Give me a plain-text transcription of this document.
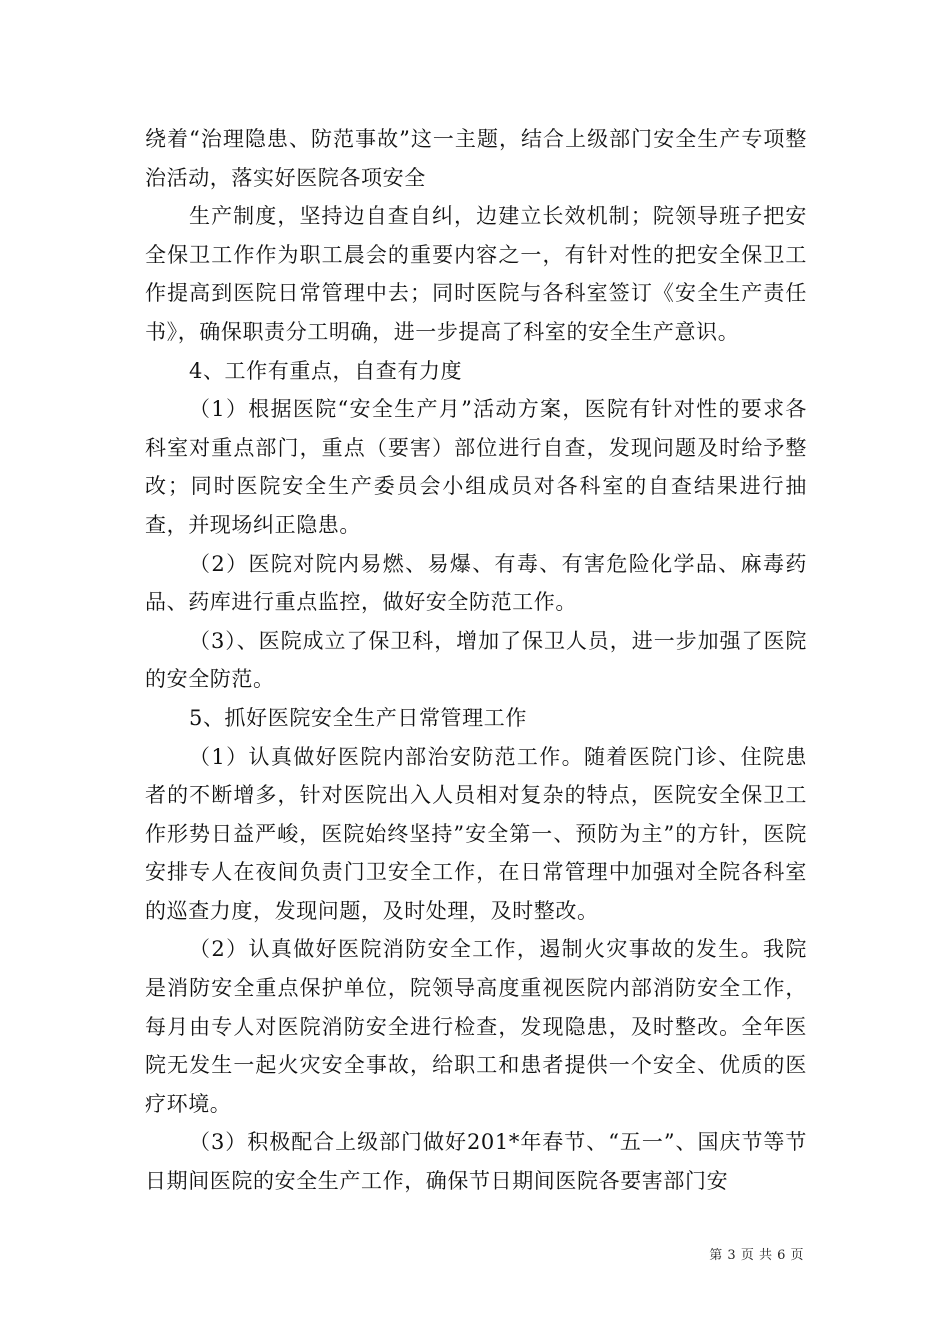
绕着“治理隐患、防范事故”这一主题，结合上级部门安全生产专项整治活动，落实好医院各项安全

生产制度，坚持边自查自纠，边建立长效机制；院领导班子把安全保卫工作作为职工晨会的重要内容之一，有针对性的把安全保卫工作提高到医院日常管理中去；同时医院与各科室签订《安全生产责任书》，确保职责分工明确，进一步提高了科室的安全生产意识。

4、工作有重点，自查有力度

（1）根据医院“安全生产月”活动方案，医院有针对性的要求各科室对重点部门，重点（要害）部位进行自查，发现问题及时给予整改；同时医院安全生产委员会小组成员对各科室的自查结果进行抽查，并现场纠正隐患。

（2）医院对院内易燃、易爆、有毒、有害危险化学品、麻毒药品、药库进行重点监控，做好安全防范工作。

（3）、医院成立了保卫科，增加了保卫人员，进一步加强了医院的安全防范。

5、抓好医院安全生产日常管理工作

（1）认真做好医院内部治安防范工作。随着医院门诊、住院患者的不断增多，针对医院出入人员相对复杂的特点，医院安全保卫工作形势日益严峻，医院始终坚持”安全第一、预防为主”的方针，医院安排专人在夜间负责门卫安全工作，在日常管理中加强对全院各科室的巡查力度，发现问题，及时处理，及时整改。

（2）认真做好医院消防安全工作，遏制火灾事故的发生。我院是消防安全重点保护单位，院领导高度重视医院内部消防安全工作，每月由专人对医院消防安全进行检查，发现隐患，及时整改。全年医院无发生一起火灾安全事故，给职工和患者提供一个安全、优质的医疗环境。

（3）积极配合上级部门做好201*年春节、“五一”、国庆节等节日期间医院的安全生产工作，确保节日期间医院各要害部门安

第 3 页 共 6 页
